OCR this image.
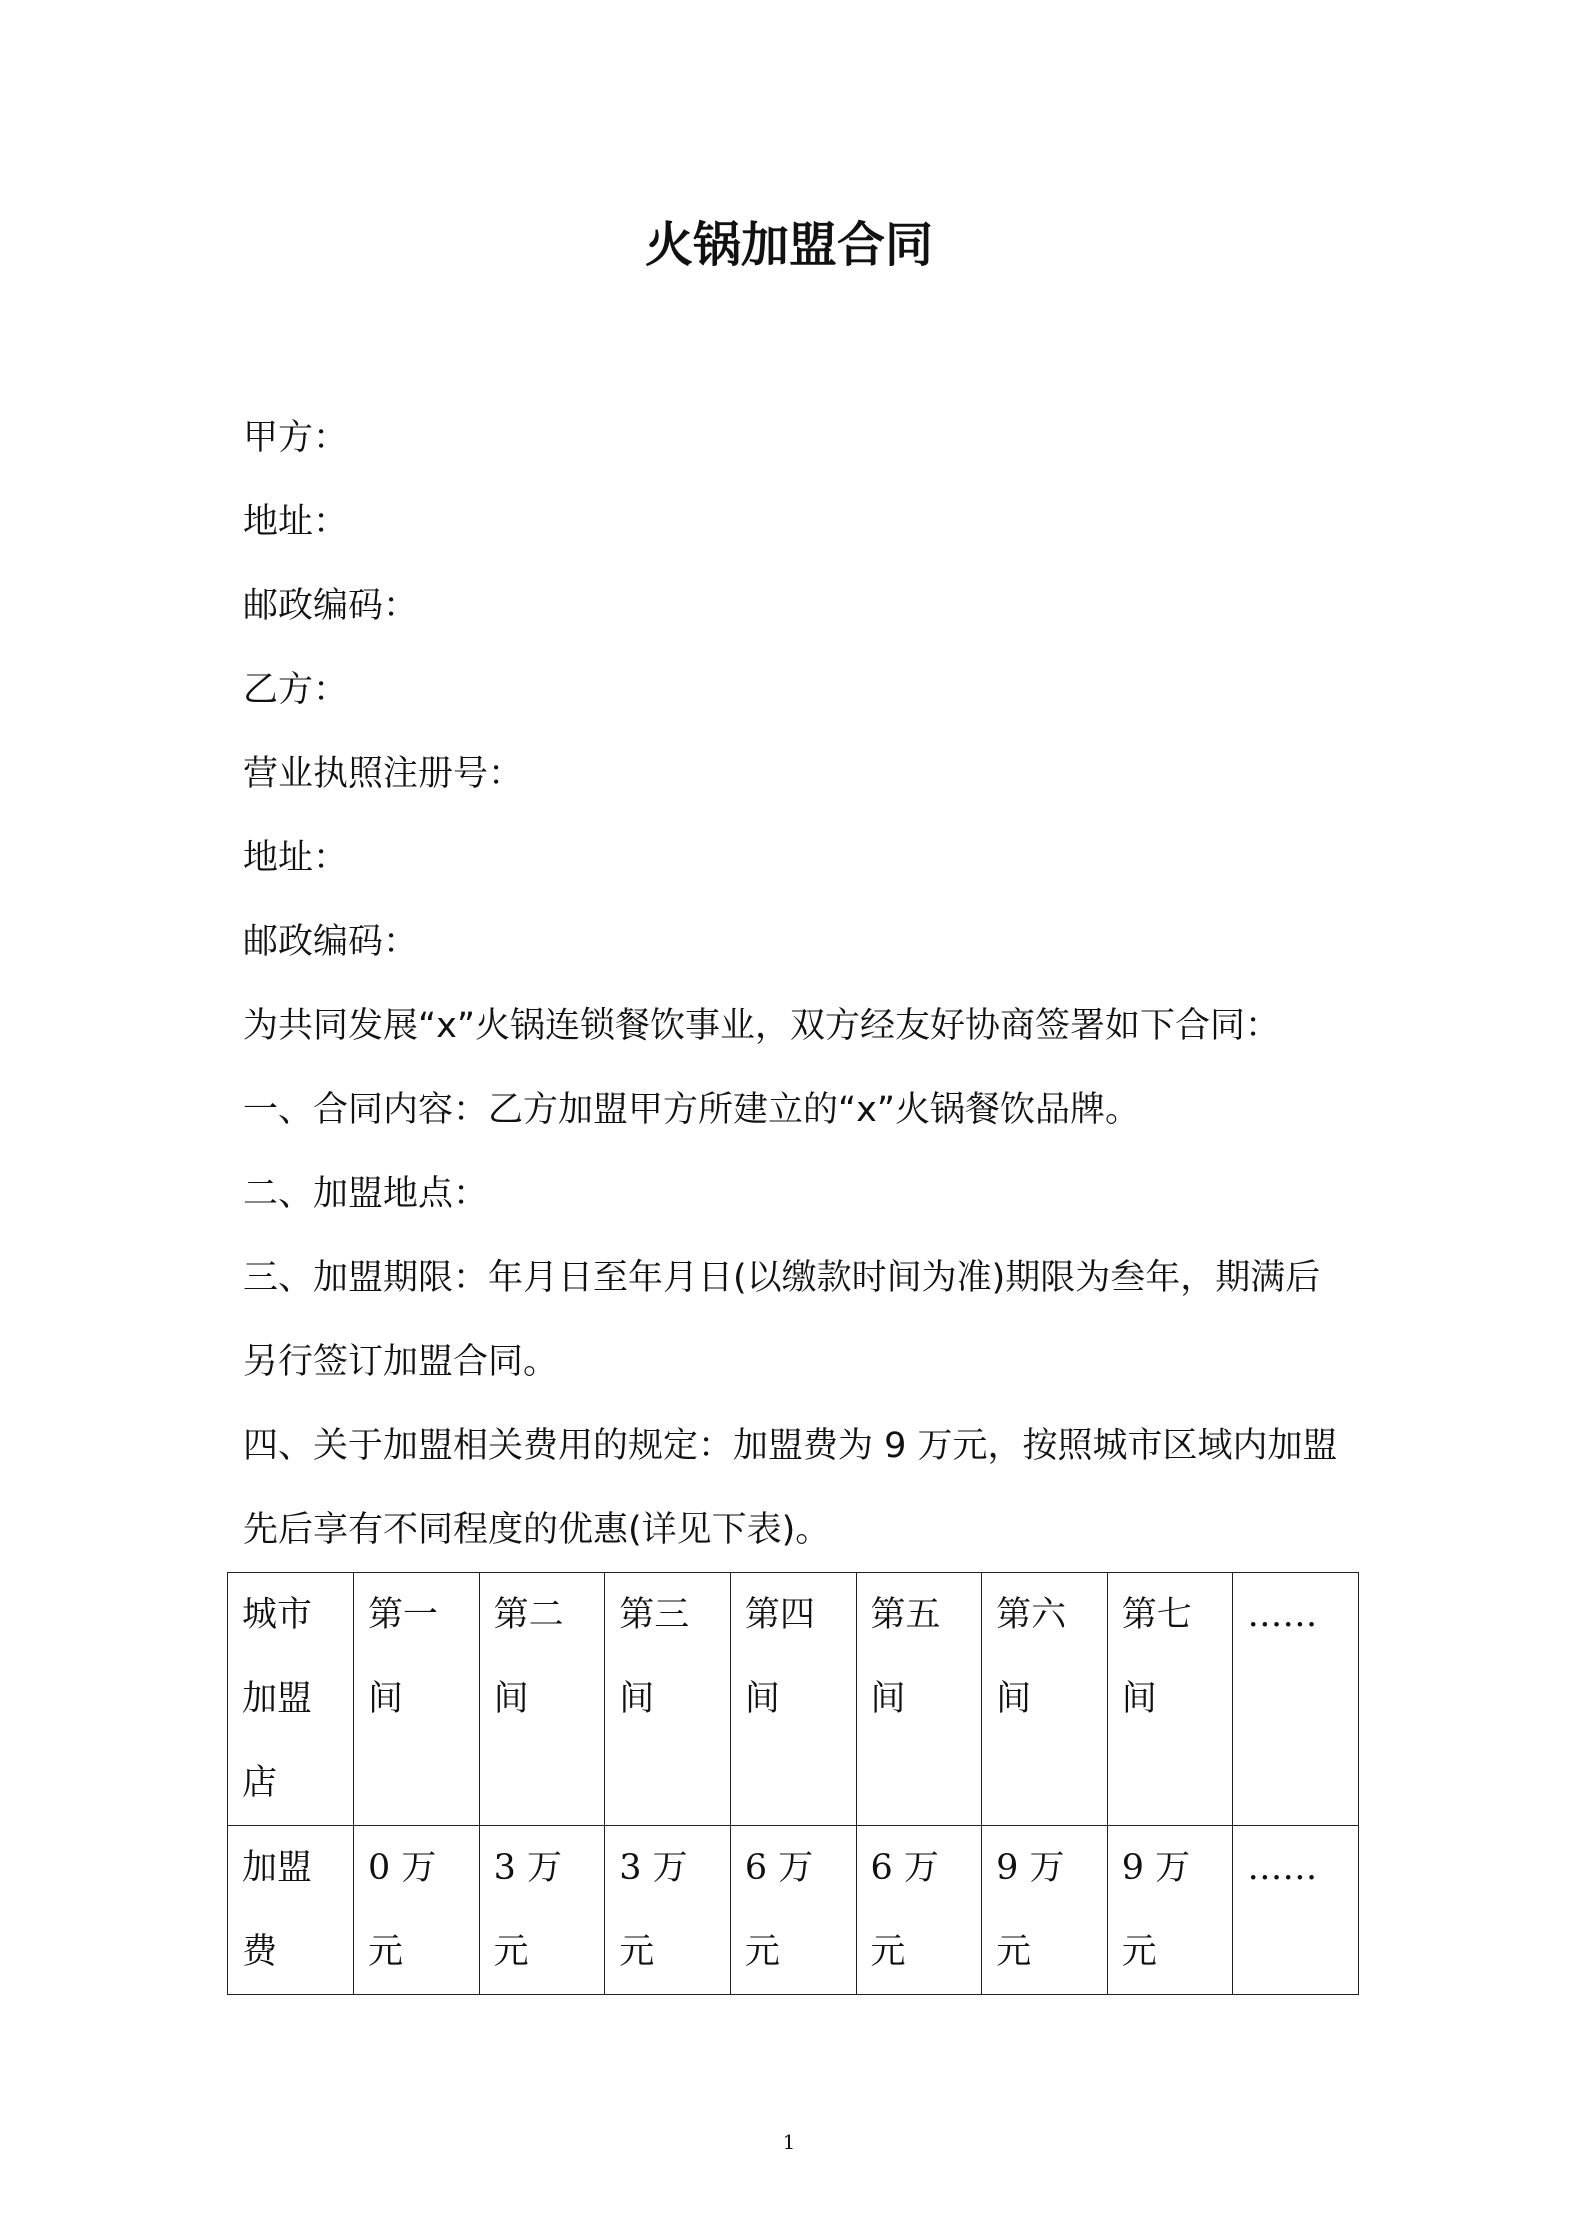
火锅加盟合同
甲方：
地址：
邮政编码：
乙方：
营业执照注册号：
地址：
邮政编码：
为共同发展“x”火锅连锁餐饮事业，双方经友好协商签署如下合同：
一、合同内容：乙方加盟甲方所建立的“x”火锅餐饮品牌。
二、加盟地点：
三、加盟期限：年月日至年月日(以缴款时间为准)期限为叁年，期满后另行签订加盟合同。
四、关于加盟相关费用的规定：加盟费为 9 万元，按照城市区域内加盟先后享有不同程度的优惠(详见下表)。
城市加盟店	第一间	第二间	第三间	第四间	第五间	第六间	第七间	……
加盟费	0 万元	3 万元	3 万元	6 万元	6 万元	9 万元	9 万元	……
1
